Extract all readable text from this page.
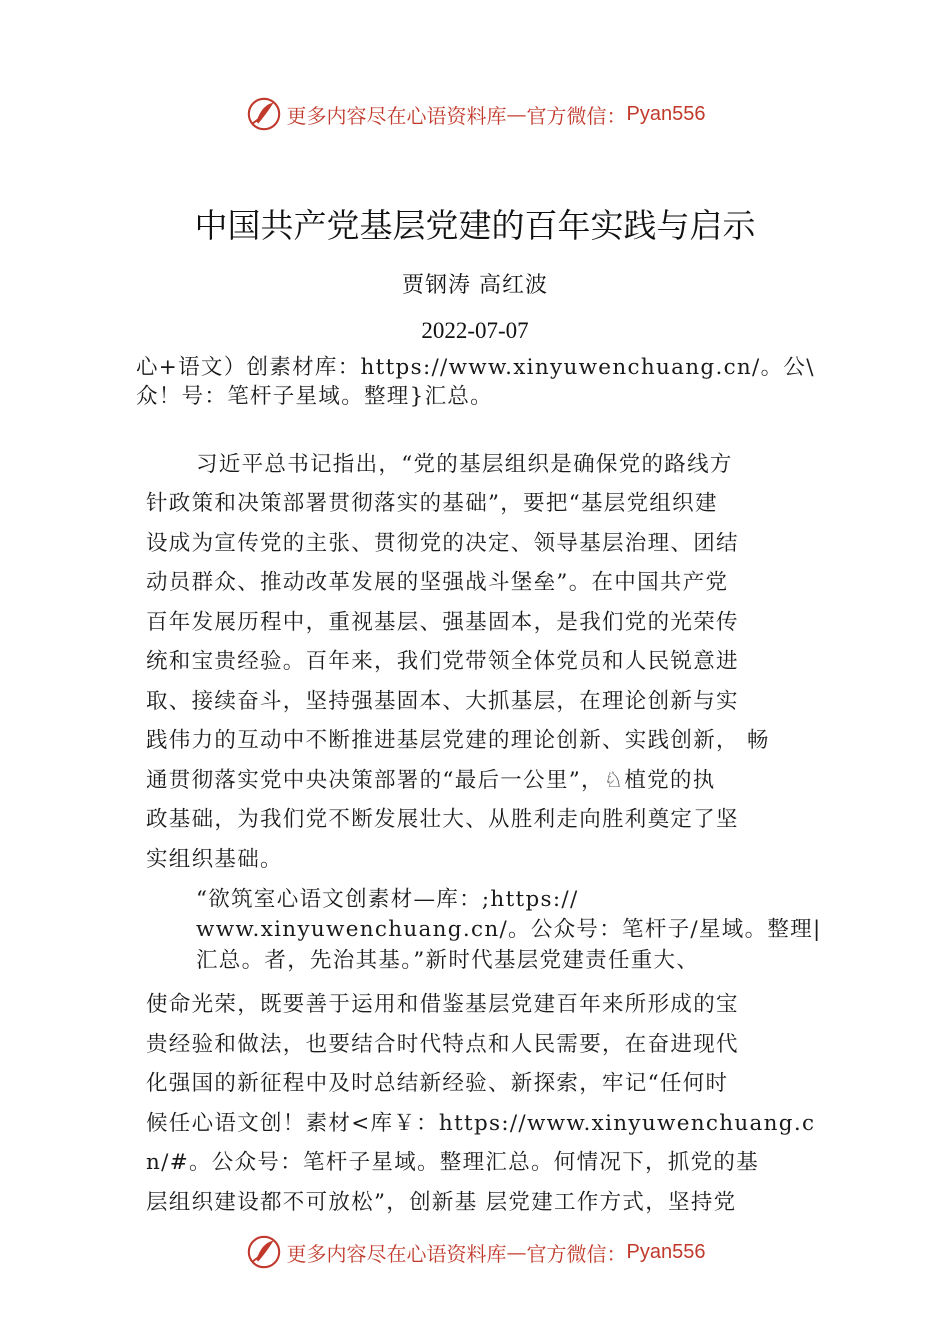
更多内容尽在心语资料库 — 官方微信： Pyan556
中国共产党基层党建的百年实践与启示
贾钢涛 高红波
2022-07-07
心+语文）创素材库：https://www.xinyuwenchuang.cn/。公\
众！号：笔杆子星域。整理}汇总。
习近平总书记指出，“党的基层组织是确保党的路线方
针政策和决策部署贯彻落实的基础”，要把“基层党组织建
设成为宣传党的主张、贯彻党的决定、领导基层治理、团结
动员群众、推动改革发展的坚强战斗堡垒”。在中国共产党
百年发展历程中，重视基层、强基固本，是我们党的光荣传
统和宝贵经验。百年来，我们党带领全体党员和人民锐意进
取、接续奋斗，坚持强基固本、大抓基层，在理论创新与实
践伟力的互动中不断推进基层党建的理论创新、实践创新， 畅
通贯彻落实党中央决策部署的“最后一公里”，♘植党的执
政基础，为我们党不断发展壮大、从胜利走向胜利奠定了坚
实组织基础。
“欲筑室心语文创素材—库：;https://
www.xinyuwenchuang.cn/。公众号：笔杆子/星域。整理|
汇总。者，先治其基。”新时代基层党建责任重大、
使命光荣，既要善于运用和借鉴基层党建百年来所形成的宝
贵经验和做法，也要结合时代特点和人民需要，在奋进现代
化强国的新征程中及时总结新经验、新探索，牢记“任何时
候任心语文创！素材<库￥：https://www.xinyuwenchuang.c
n/#。公众号：笔杆子星域。整理汇总。何情况下，抓党的基
层组织建设都不可放松”，创新基 层党建工作方式，坚持党
更多内容尽在心语资料库 — 官方微信： Pyan556
